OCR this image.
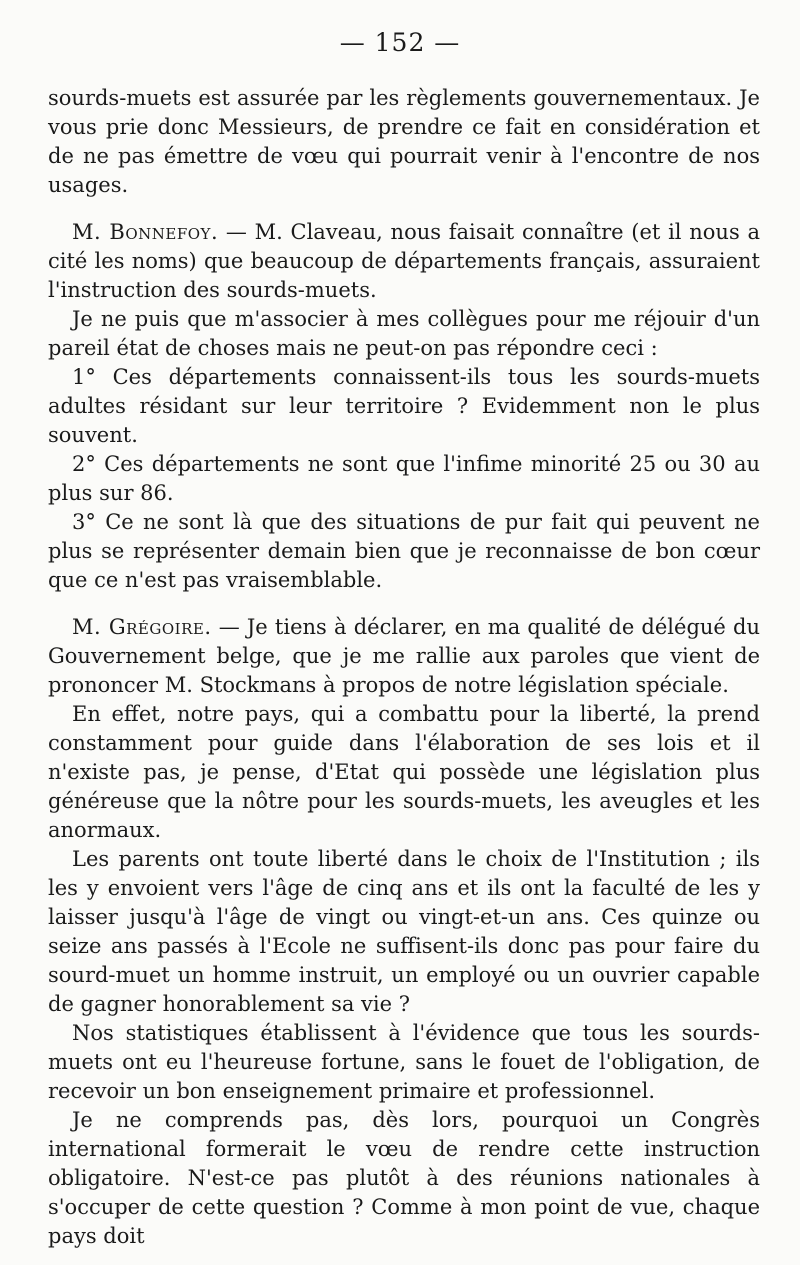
— 152 —

sourds-muets est assurée par les règlements gouvernementaux. Je vous prie donc Messieurs, de prendre ce fait en considération et de ne pas émettre de vœu qui pourrait venir à l'encontre de nos usages.

M. Bonnefoy. — M. Claveau, nous faisait connaître (et il nous a cité les noms) que beaucoup de départements français, assuraient l'instruction des sourds-muets.

Je ne puis que m'associer à mes collègues pour me réjouir d'un pareil état de choses mais ne peut-on pas répondre ceci :

1° Ces départements connaissent-ils tous les sourds-muets adultes résidant sur leur territoire ? Evidemment non le plus souvent.

2° Ces départements ne sont que l'infime minorité 25 ou 30 au plus sur 86.

3° Ce ne sont là que des situations de pur fait qui peuvent ne plus se représenter demain bien que je reconnaisse de bon cœur que ce n'est pas vraisemblable.

M. Grégoire. — Je tiens à déclarer, en ma qualité de délégué du Gouvernement belge, que je me rallie aux paroles que vient de prononcer M. Stockmans à propos de notre législation spéciale.

En effet, notre pays, qui a combattu pour la liberté, la prend constamment pour guide dans l'élaboration de ses lois et il n'existe pas, je pense, d'Etat qui possède une législation plus généreuse que la nôtre pour les sourds-muets, les aveugles et les anormaux.

Les parents ont toute liberté dans le choix de l'Institution ; ils les y envoient vers l'âge de cinq ans et ils ont la faculté de les y laisser jusqu'à l'âge de vingt ou vingt-et-un ans. Ces quinze ou seize ans passés à l'Ecole ne suffisent-ils donc pas pour faire du sourd-muet un homme instruit, un employé ou un ouvrier capable de gagner honorablement sa vie ?

Nos statistiques établissent à l'évidence que tous les sourds-muets ont eu l'heureuse fortune, sans le fouet de l'obligation, de recevoir un bon enseignement primaire et professionnel.

Je ne comprends pas, dès lors, pourquoi un Congrès international formerait le vœu de rendre cette instruction obligatoire. N'est-ce pas plutôt à des réunions nationales à s'occuper de cette question ? Comme à mon point de vue, chaque pays doit
